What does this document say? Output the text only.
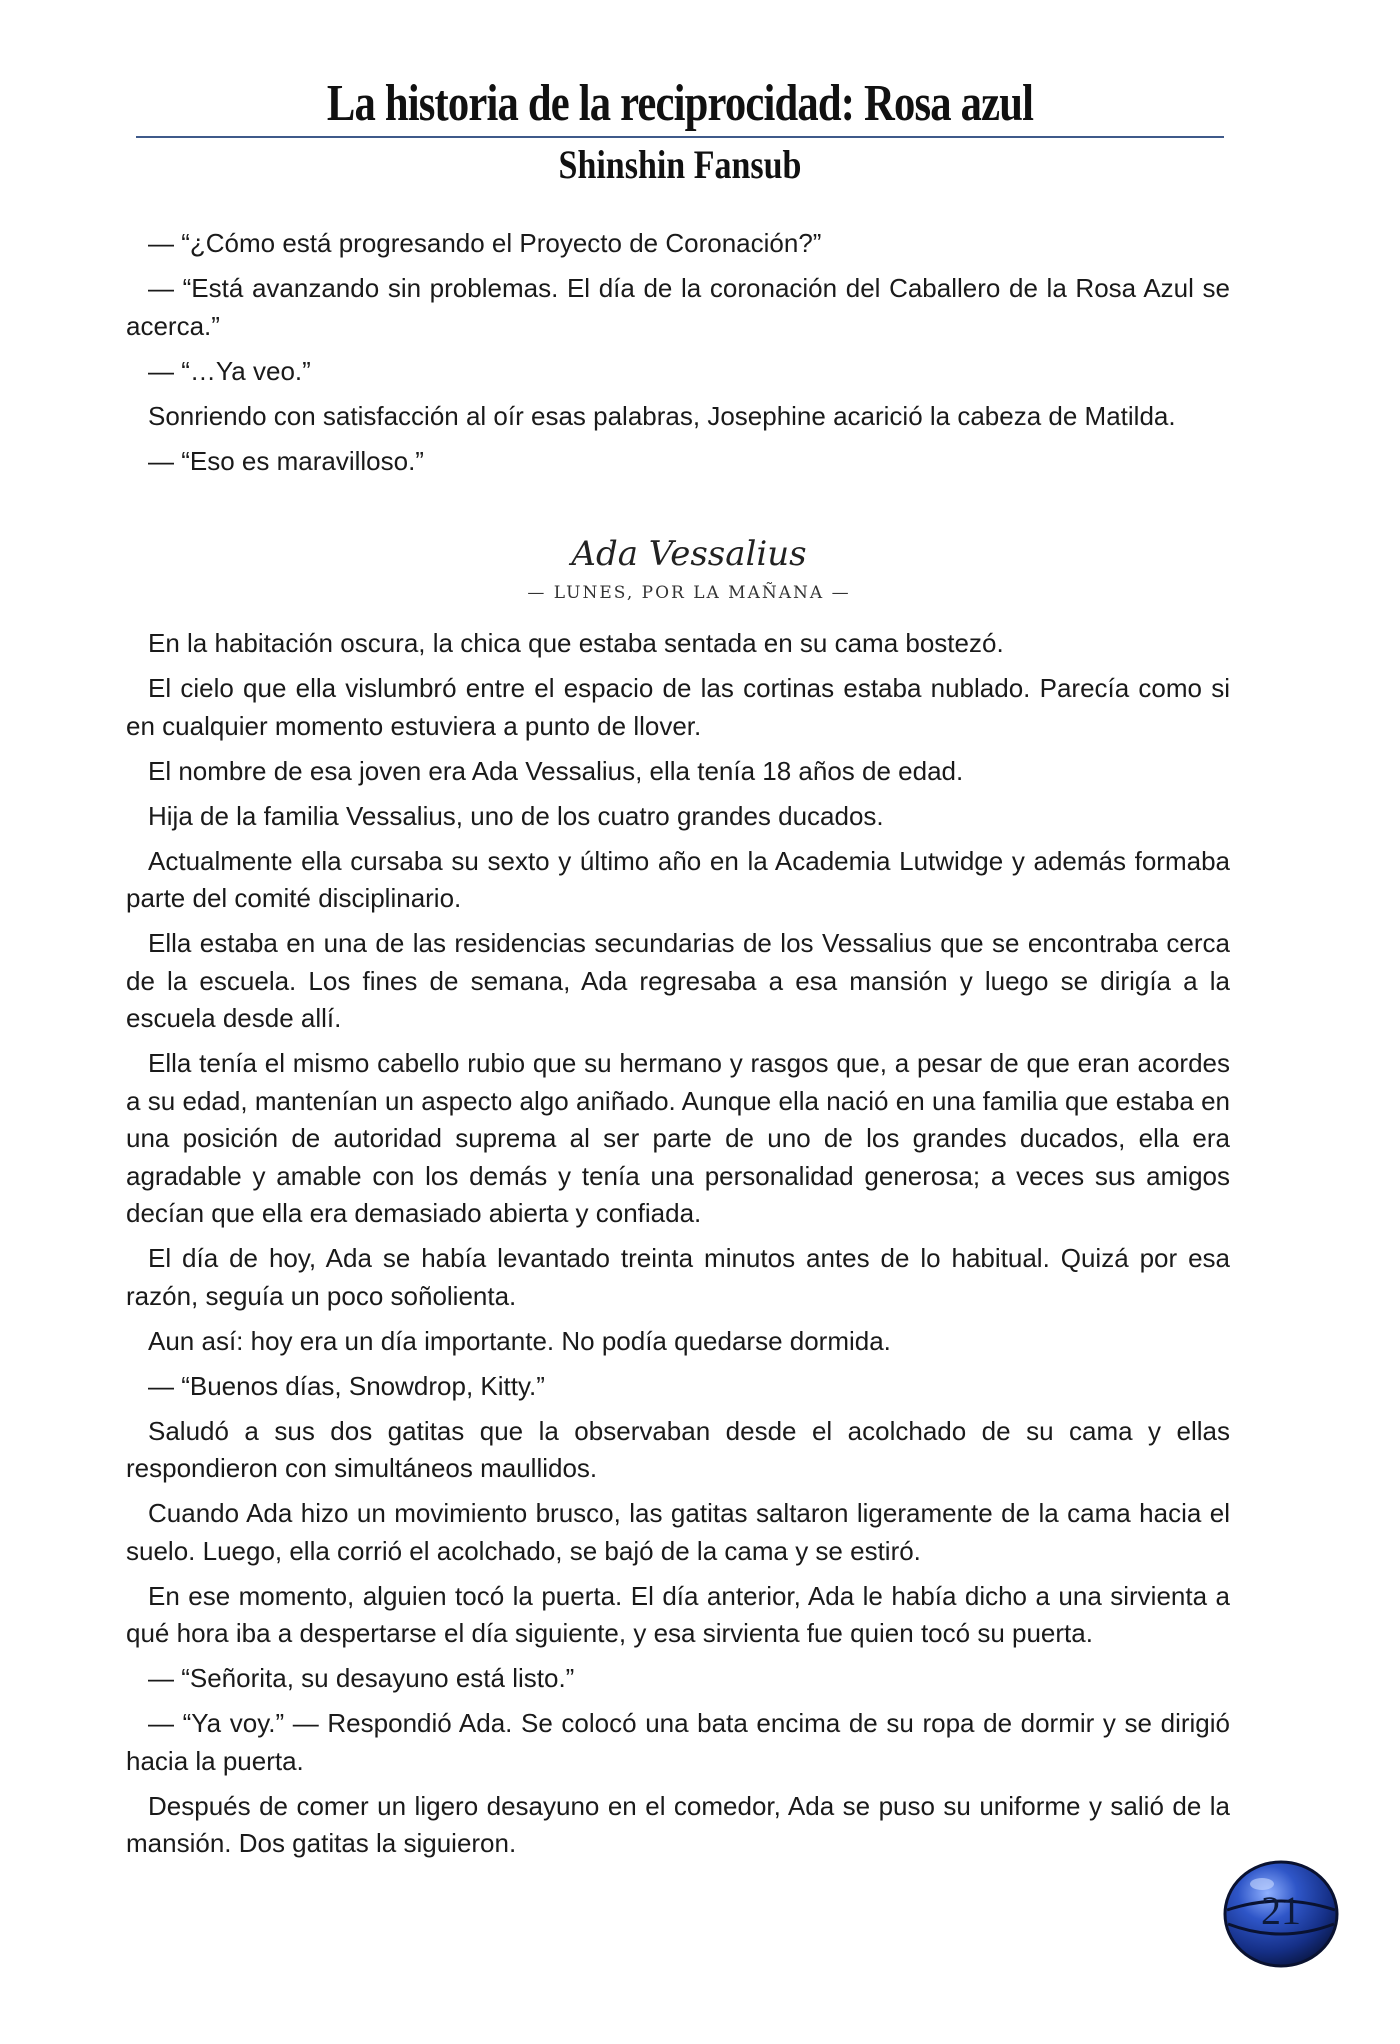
La historia de la reciprocidad: Rosa azul
Shinshin Fansub

— “¿Cómo está progresando el Proyecto de Coronación?”

— “Está avanzando sin problemas. El día de la coronación del Caballero de la Rosa Azul se acerca.”

— “…Ya veo.”

Sonriendo con satisfacción al oír esas palabras, Josephine acarició la cabeza de Matilda.

— “Eso es maravilloso.”

Ada Vessalius
— LUNES, POR LA MAÑANA —

En la habitación oscura, la chica que estaba sentada en su cama bostezó.

El cielo que ella vislumbró entre el espacio de las cortinas estaba nublado. Parecía como si en cualquier momento estuviera a punto de llover.

El nombre de esa joven era Ada Vessalius, ella tenía 18 años de edad.

Hija de la familia Vessalius, uno de los cuatro grandes ducados.

Actualmente ella cursaba su sexto y último año en la Academia Lutwidge y además formaba parte del comité disciplinario.

Ella estaba en una de las residencias secundarias de los Vessalius que se encontraba cerca de la escuela. Los fines de semana, Ada regresaba a esa mansión y luego se dirigía a la escuela desde allí.

Ella tenía el mismo cabello rubio que su hermano y rasgos que, a pesar de que eran acordes a su edad, mantenían un aspecto algo aniñado. Aunque ella nació en una familia que estaba en una posición de autoridad suprema al ser parte de uno de los grandes ducados, ella era agradable y amable con los demás y tenía una personalidad generosa; a veces sus amigos decían que ella era demasiado abierta y confiada.

El día de hoy, Ada se había levantado treinta minutos antes de lo habitual. Quizá por esa razón, seguía un poco soñolienta.

Aun así: hoy era un día importante. No podía quedarse dormida.

— “Buenos días, Snowdrop, Kitty.”

Saludó a sus dos gatitas que la observaban desde el acolchado de su cama y ellas respondieron con simultáneos maullidos.

Cuando Ada hizo un movimiento brusco, las gatitas saltaron ligeramente de la cama hacia el suelo. Luego, ella corrió el acolchado, se bajó de la cama y se estiró.

En ese momento, alguien tocó la puerta. El día anterior, Ada le había dicho a una sirvienta a qué hora iba a despertarse el día siguiente, y esa sirvienta fue quien tocó su puerta.

— “Señorita, su desayuno está listo.”

— “Ya voy.” — Respondió Ada. Se colocó una bata encima de su ropa de dormir y se dirigió hacia la puerta.

Después de comer un ligero desayuno en el comedor, Ada se puso su uniforme y salió de la mansión. Dos gatitas la siguieron.

21
